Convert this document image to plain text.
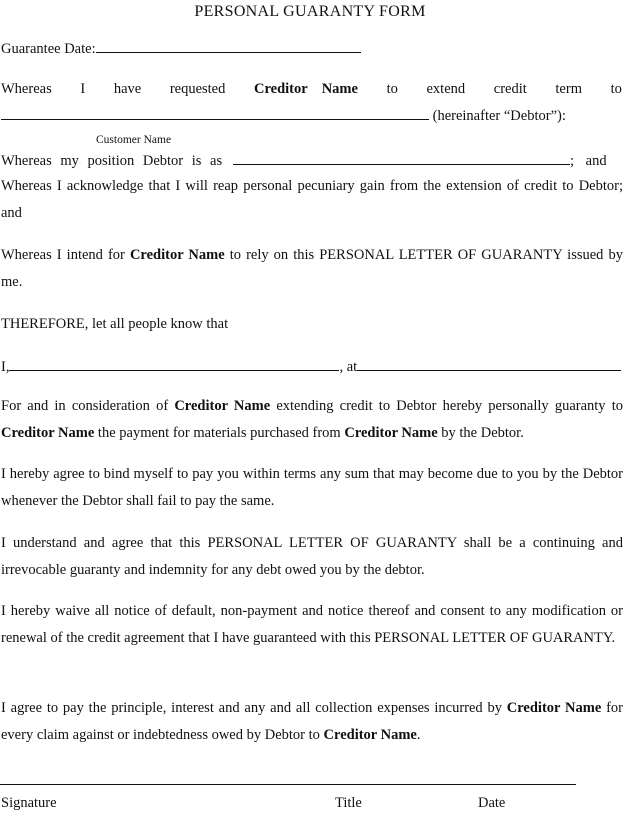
PERSONAL GUARANTY FORM
Guarantee Date:
Whereas I have requested Creditor Name to extend credit term to
(hereinafter “Debtor”):
Customer Name
Whereas my position Debtor is as	; and
Whereas I acknowledge that I will reap personal pecuniary gain from the extension of credit to Debtor; and
Whereas I intend for Creditor Name to rely on this PERSONAL LETTER OF GUARANTY issued by me.
THEREFORE, let all people know that
I,	, at
For and in consideration of Creditor Name extending credit to Debtor hereby personally guaranty to Creditor Name the payment for materials purchased from Creditor Name by the Debtor.
I hereby agree to bind myself to pay you within terms any sum that may become due to you by the Debtor whenever the Debtor shall fail to pay the same.
I understand and agree that this PERSONAL LETTER OF GUARANTY shall be a continuing and irrevocable guaranty and indemnity for any debt owed you by the debtor.
I hereby waive all notice of default, non-payment and notice thereof and consent to any modification or renewal of the credit agreement that I have guaranteed with this PERSONAL LETTER OF GUARANTY.
I agree to pay the principle, interest and any and all collection expenses incurred by Creditor Name for every claim against or indebtedness owed by Debtor to Creditor Name.
Signature	Title	Date
